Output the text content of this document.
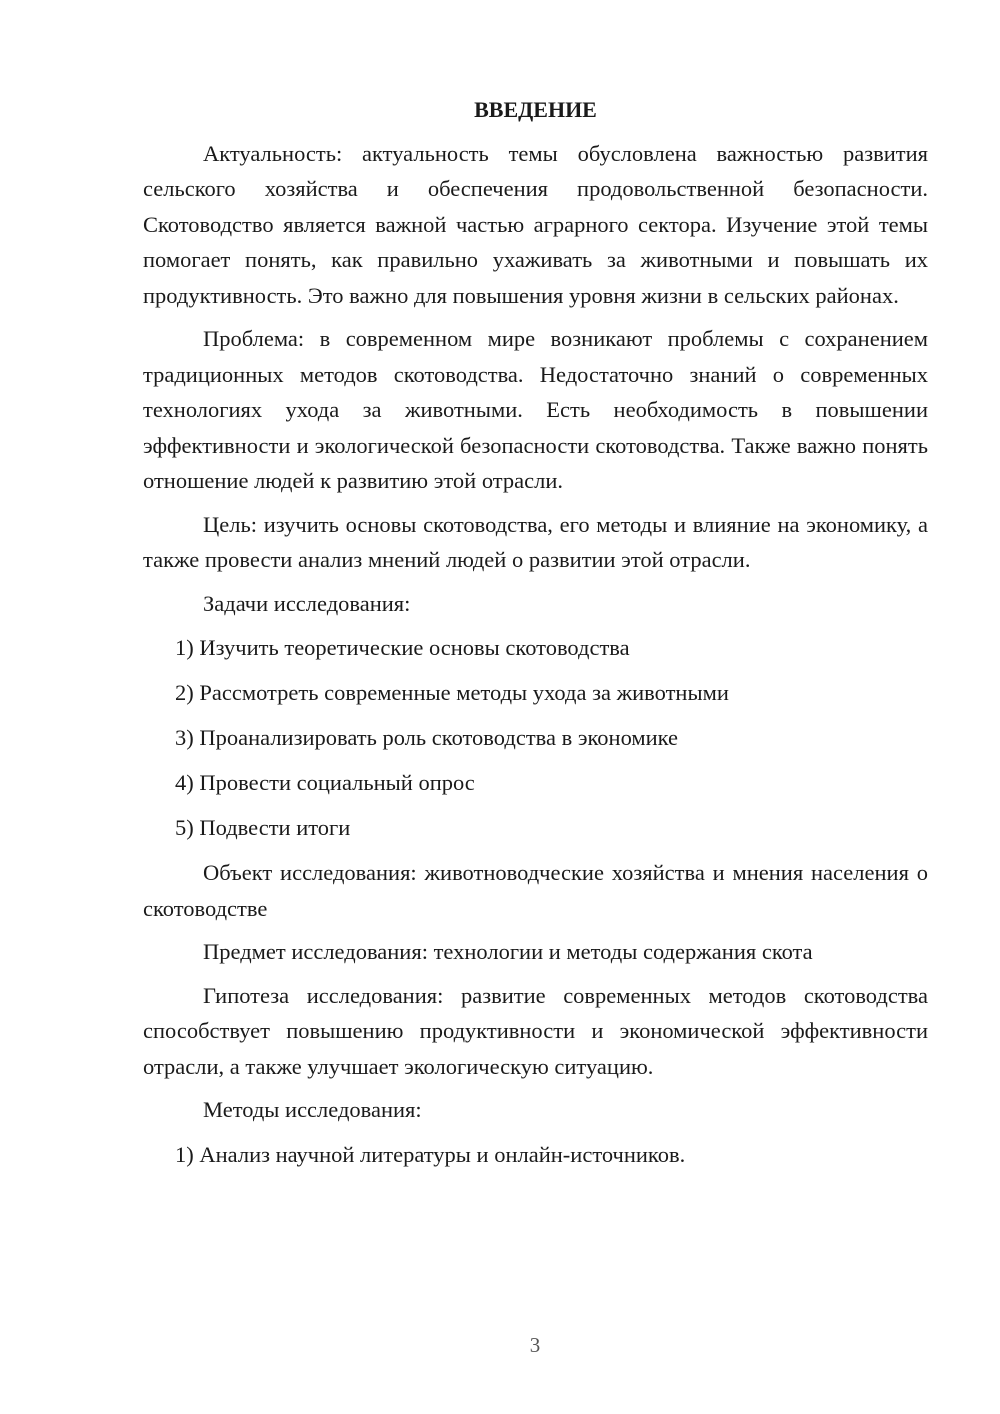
ВВЕДЕНИЕ

Актуальность: актуальность темы обусловлена важностью развития сельского хозяйства и обеспечения продовольственной безопасности. Скотоводство является важной частью аграрного сектора. Изучение этой темы помогает понять, как правильно ухаживать за животными и повышать их продуктивность. Это важно для повышения уровня жизни в сельских районах.

Проблема: в современном мире возникают проблемы с сохранением традиционных методов скотоводства. Недостаточно знаний о современных технологиях ухода за животными. Есть необходимость в повышении эффективности и экологической безопасности скотоводства. Также важно понять отношение людей к развитию этой отрасли.

Цель: изучить основы скотоводства, его методы и влияние на экономику, а также провести анализ мнений людей о развитии этой отрасли.

Задачи исследования:

1) Изучить теоретические основы скотоводства

2) Рассмотреть современные методы ухода за животными

3) Проанализировать роль скотоводства в экономике

4) Провести социальный опрос

5) Подвести итоги

Объект исследования: животноводческие хозяйства и мнения населения о скотоводстве

Предмет исследования: технологии и методы содержания скота

Гипотеза исследования: развитие современных методов скотоводства способствует повышению продуктивности и экономической эффективности отрасли, а также улучшает экологическую ситуацию.

Методы исследования:

1) Анализ научной литературы и онлайн-источников.

3
